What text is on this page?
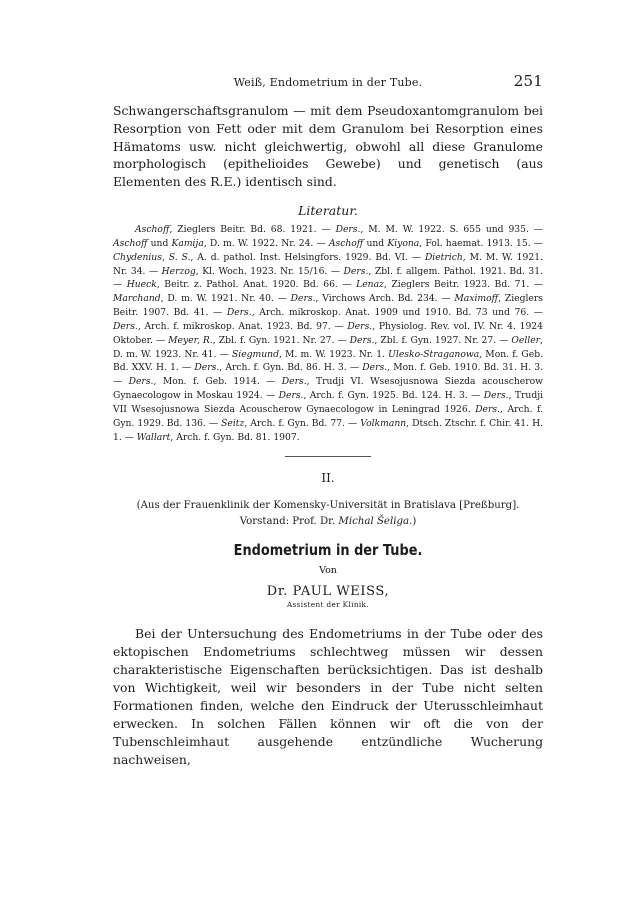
Weiß, Endometrium in der Tube.	251

Schwangerschaftsgranulom — mit dem Pseudoxantomgranulom bei Resorption von Fett oder mit dem Granulom bei Resorption eines Hämatoms usw. nicht gleichwertig, obwohl all diese Granulome morphologisch (epithelioides Gewebe) und genetisch (aus Elementen des R.E.) identisch sind.

Literatur.

Aschoff, Zieglers Beitr. Bd. 68. 1921. — Ders., M. M. W. 1922. S. 655 und 935. — Aschoff und Kamija, D. m. W. 1922. Nr. 24. — Aschoff und Kiyona, Fol. haemat. 1913. 15. — Chydenius, S. S., A. d. pathol. Inst. Helsingfors. 1929. Bd. VI. — Dietrich, M. M. W. 1921. Nr. 34. — Herzog, Kl. Woch. 1923. Nr. 15/16. — Ders., Zbl. f. allgem. Pathol. 1921. Bd. 31. — Hueck, Beitr. z. Pathol. Anat. 1920. Bd. 66. — Lenaz, Zieglers Beitr. 1923. Bd. 71. — Marchand, D. m. W. 1921. Nr. 40. — Ders., Virchows Arch. Bd. 234. — Maximoff, Zieglers Beitr. 1907. Bd. 41. — Ders., Arch. mikroskop. Anat. 1909 und 1910. Bd. 73 und 76. — Ders., Arch. f. mikroskop. Anat. 1923. Bd. 97. — Ders., Physiolog. Rev. vol. IV. Nr. 4. 1924 Oktober. — Meyer, R., Zbl. f. Gyn. 1921. Nr. 27. — Ders., Zbl. f. Gyn. 1927. Nr. 27. — Oeller, D. m. W. 1923. Nr. 41. — Siegmund, M. m. W. 1923. Nr. 1. Ulesko-Straganowa, Mon. f. Geb. Bd. XXV. H. 1. — Ders., Arch. f. Gyn. Bd. 86. H. 3. — Ders., Mon. f. Geb. 1910. Bd. 31. H. 3. — Ders., Mon. f. Geb. 1914. — Ders., Trudji VI. Wsesojusnowa Siezda acouscherow Gynaecologow in Moskau 1924. — Ders., Arch. f. Gyn. 1925. Bd. 124. H. 3. — Ders., Trudji VII Wsesojusnowa Siezda Acouscherow Gynaecologow in Leningrad 1926. Ders., Arch. f. Gyn. 1929. Bd. 136. — Seitz, Arch. f. Gyn. Bd. 77. — Volkmann, Dtsch. Ztschr. f. Chir. 41. H. 1. — Wallart, Arch. f. Gyn. Bd. 81. 1907.

II.
(Aus der Frauenklinik der Komensky-Universität in Bratislava [Preßburg].
Vorstand: Prof. Dr. Michal Šeliga.)
Endometrium in der Tube.
Von
Dr. PAUL WEISS,
Assistent der Klinik.

Bei der Untersuchung des Endometriums in der Tube oder des ektopischen Endometriums schlechtweg müssen wir dessen charakteristische Eigenschaften berücksichtigen. Das ist deshalb von Wichtigkeit, weil wir besonders in der Tube nicht selten Formationen finden, welche den Eindruck der Uterusschleimhaut erwecken. In solchen Fällen können wir oft die von der Tubenschleimhaut ausgehende entzündliche Wucherung nachweisen,
